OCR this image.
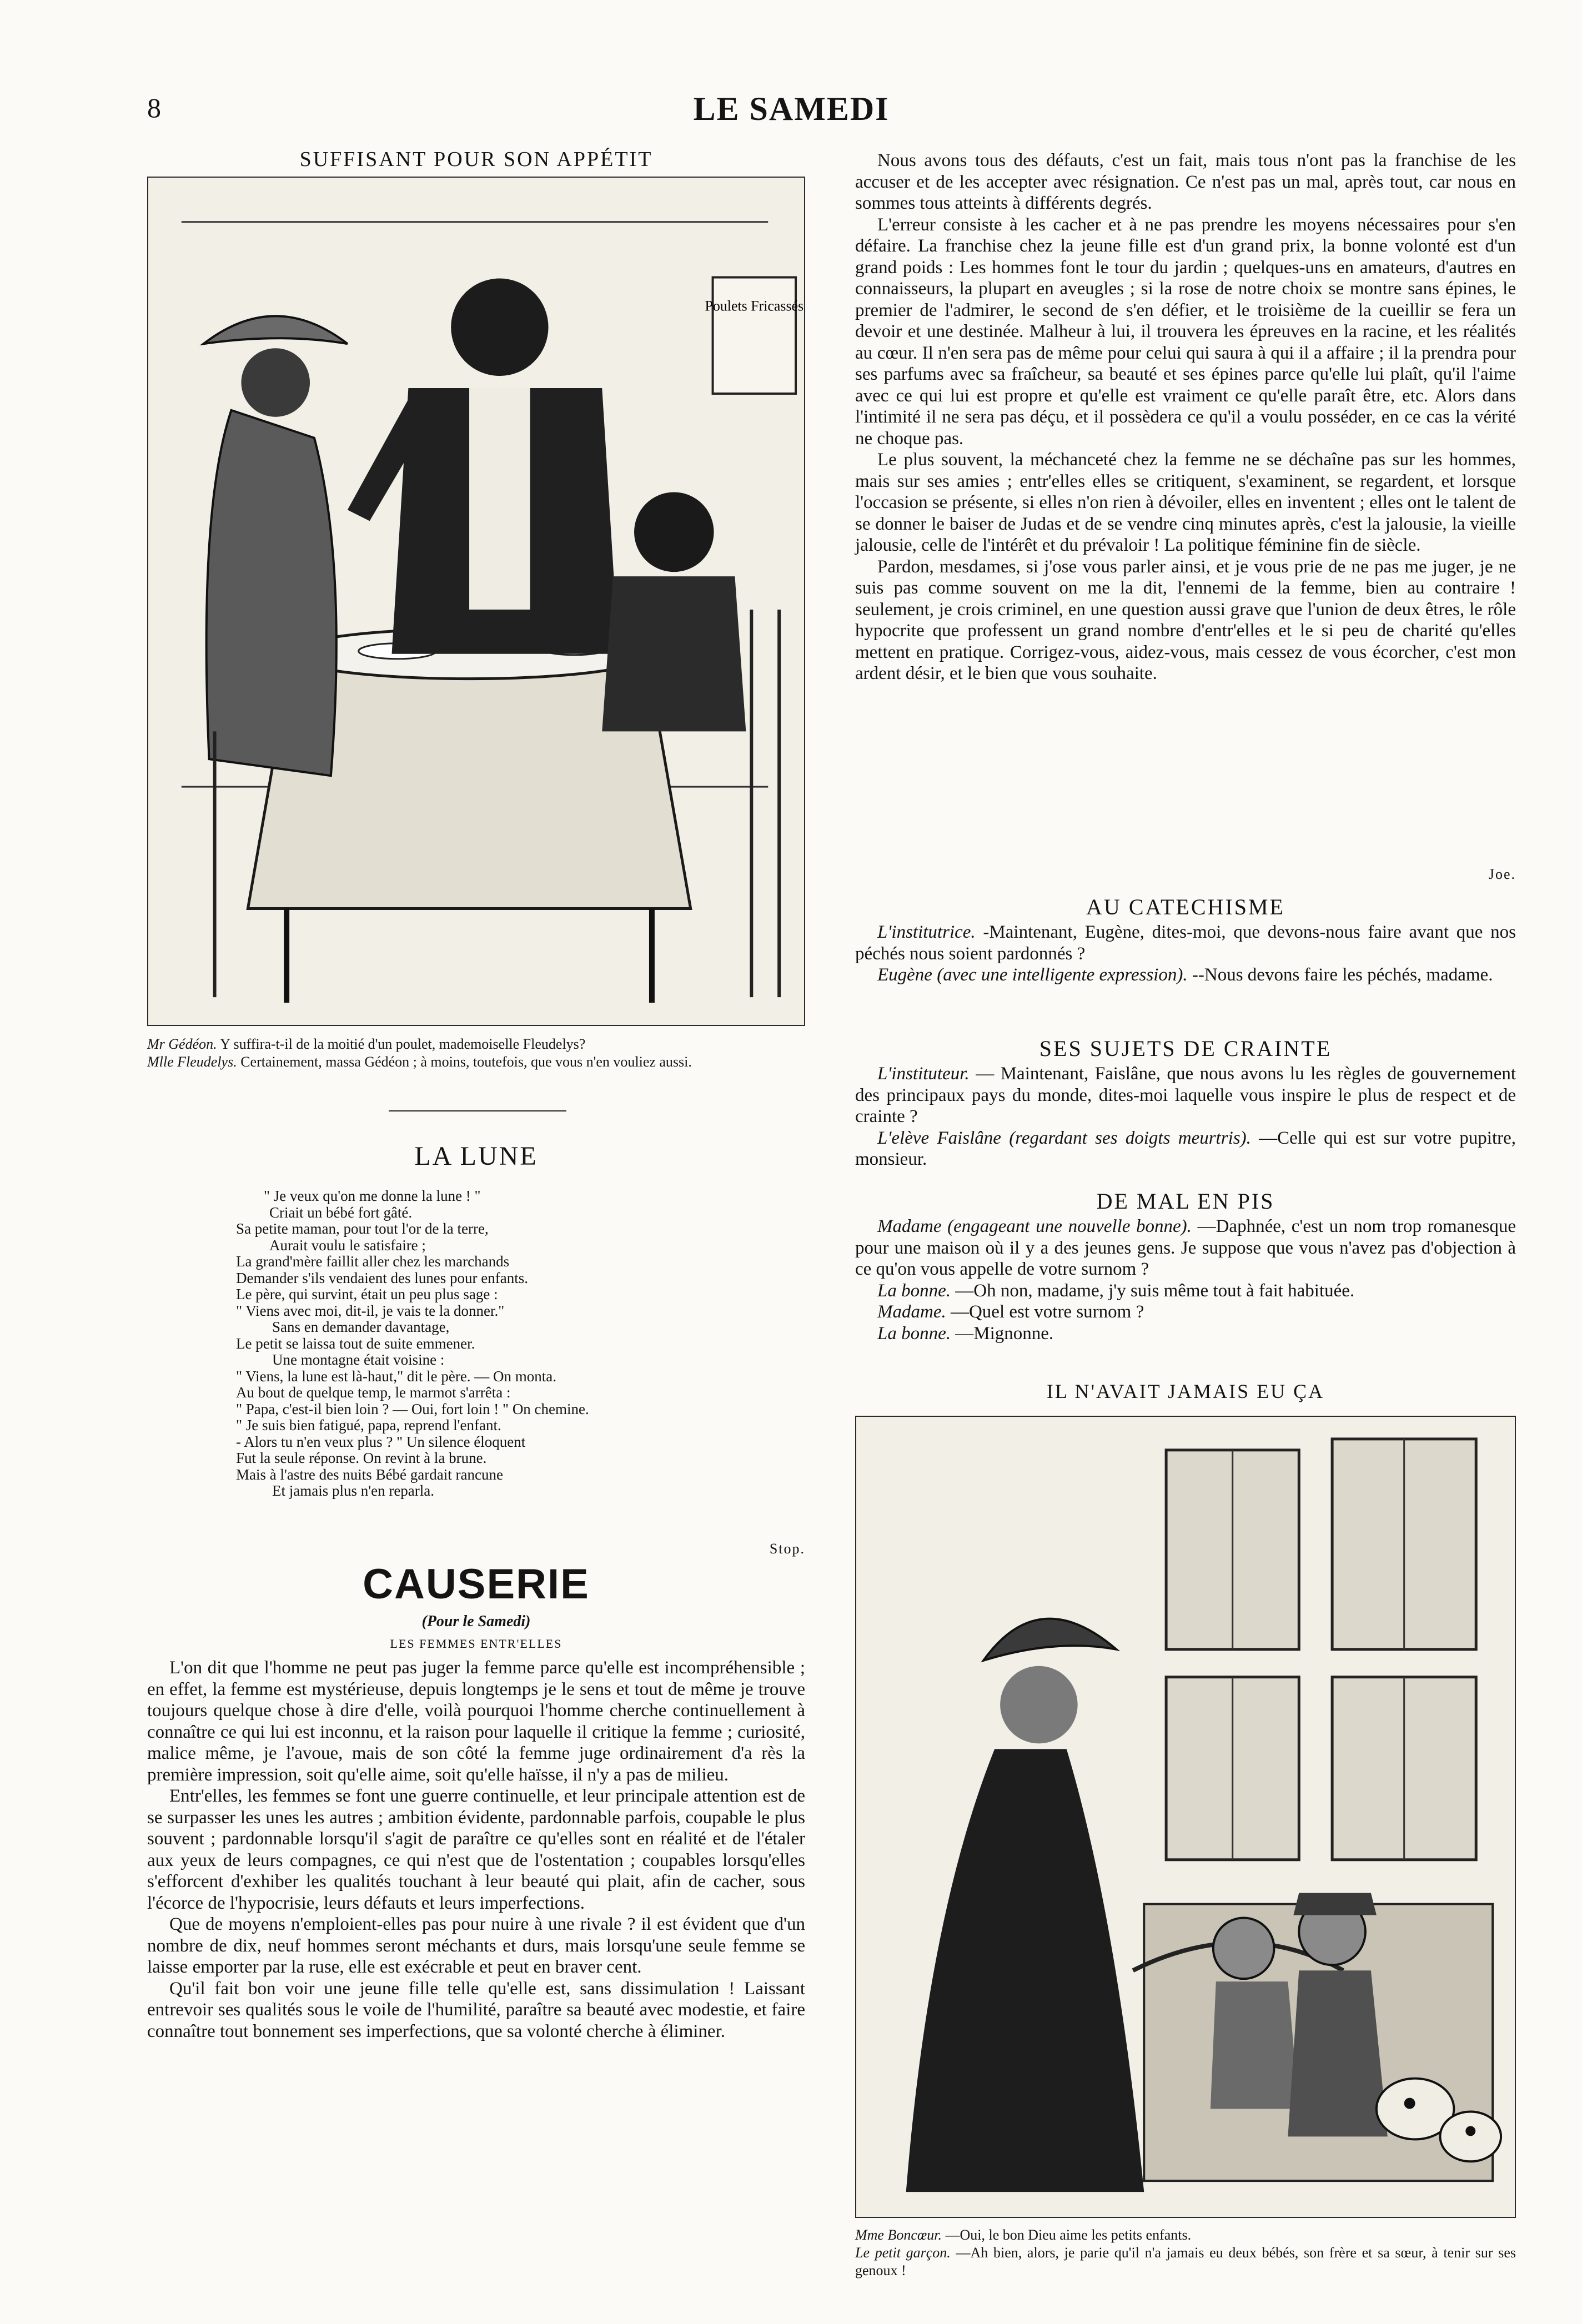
8	LE SAMEDI
SUFFISANT POUR SON APPÉTIT
Poulets Fricassés

Mr Gédéon. Y suffira-t-il de la moitié d'un poulet, mademoiselle Fleudelys?

Mlle Fleudelys. Certainement, massa Gédéon ; à moins, toutefois, que vous n'en vouliez aussi.

LA LUNE
" Je veux qu'on me donne la lune ! "
Criait un bébé fort gâté.
Sa petite maman, pour tout l'or de la terre,
Aurait voulu le satisfaire ;
La grand'mère faillit aller chez les marchands
Demander s'ils vendaient des lunes pour enfants.
Le père, qui survint, était un peu plus sage :
" Viens avec moi, dit-il, je vais te la donner."
Sans en demander davantage,
Le petit se laissa tout de suite emmener.
Une montagne était voisine :
" Viens, la lune est là-haut," dit le père. — On monta.
Au bout de quelque temp, le marmot s'arrêta :
" Papa, c'est-il bien loin ? — Oui, fort loin ! " On chemine.
" Je suis bien fatigué, papa, reprend l'enfant.
- Alors tu n'en veux plus ? " Un silence éloquent
Fut la seule réponse. On revint à la brune.
Mais à l'astre des nuits Bébé gardait rancune
Et jamais plus n'en reparla.
Stop.
CAUSERIE
(Pour le Samedi)
LES FEMMES ENTR'ELLES

L'on dit que l'homme ne peut pas juger la femme parce qu'elle est incompréhensible ; en effet, la femme est mystérieuse, depuis longtemps je le sens et tout de même je trouve toujours quelque chose à dire d'elle, voilà pourquoi l'homme cherche continuellement à connaître ce qui lui est inconnu, et la raison pour laquelle il critique la femme ; curiosité, malice même, je l'avoue, mais de son côté la femme juge ordinairement d'a rès la première impression, soit qu'elle aime, soit qu'elle haïsse, il n'y a pas de milieu.

Entr'elles, les femmes se font une guerre continuelle, et leur principale attention est de se surpasser les unes les autres ; ambition évidente, pardonnable parfois, coupable le plus souvent ; pardonnable lorsqu'il s'agit de paraître ce qu'elles sont en réalité et de l'étaler aux yeux de leurs compagnes, ce qui n'est que de l'ostentation ; coupables lorsqu'elles s'efforcent d'exhiber les qualités touchant à leur beauté qui plait, afin de cacher, sous l'écorce de l'hypocrisie, leurs défauts et leurs imperfections.

Que de moyens n'emploient-elles pas pour nuire à une rivale ? il est évident que d'un nombre de dix, neuf hommes seront méchants et durs, mais lorsqu'une seule femme se laisse emporter par la ruse, elle est exécrable et peut en braver cent.

Qu'il fait bon voir une jeune fille telle qu'elle est, sans dissimulation ! Laissant entrevoir ses qualités sous le voile de l'humilité, paraître sa beauté avec modestie, et faire connaître tout bonnement ses imperfections, que sa volonté cherche à éliminer.

Nous avons tous des défauts, c'est un fait, mais tous n'ont pas la franchise de les accuser et de les accepter avec résignation. Ce n'est pas un mal, après tout, car nous en sommes tous atteints à différents degrés.

L'erreur consiste à les cacher et à ne pas prendre les moyens nécessaires pour s'en défaire. La franchise chez la jeune fille est d'un grand prix, la bonne volonté est d'un grand poids : Les hommes font le tour du jardin ; quelques-uns en amateurs, d'autres en connaisseurs, la plupart en aveugles ; si la rose de notre choix se montre sans épines, le premier de l'admirer, le second de s'en défier, et le troisième de la cueillir se fera un devoir et une destinée. Malheur à lui, il trouvera les épreuves en la racine, et les réalités au cœur. Il n'en sera pas de même pour celui qui saura à qui il a affaire ; il la prendra pour ses parfums avec sa fraîcheur, sa beauté et ses épines parce qu'elle lui plaît, qu'il l'aime avec ce qui lui est propre et qu'elle est vraiment ce qu'elle paraît être, etc. Alors dans l'intimité il ne sera pas déçu, et il possèdera ce qu'il a voulu posséder, en ce cas la vérité ne choque pas.

Le plus souvent, la méchanceté chez la femme ne se déchaîne pas sur les hommes, mais sur ses amies ; entr'elles elles se critiquent, s'examinent, se regardent, et lorsque l'occasion se présente, si elles n'on rien à dévoiler, elles en inventent ; elles ont le talent de se donner le baiser de Judas et de se vendre cinq minutes après, c'est la jalousie, la vieille jalousie, celle de l'intérêt et du prévaloir ! La politique féminine fin de siècle.

Pardon, mesdames, si j'ose vous parler ainsi, et je vous prie de ne pas me juger, je ne suis pas comme souvent on me la dit, l'ennemi de la femme, bien au contraire ! seulement, je crois criminel, en une question aussi grave que l'union de deux êtres, le rôle hypocrite que professent un grand nombre d'entr'elles et le si peu de charité qu'elles mettent en pratique. Corrigez-vous, aidez-vous, mais cessez de vous écorcher, c'est mon ardent désir, et le bien que vous souhaite.

Joe.
AU CATECHISME

L'institutrice. -Maintenant, Eugène, dites-moi, que devons-nous faire avant que nos péchés nous soient pardonnés ?

Eugène (avec une intelligente expression). --Nous devons faire les péchés, madame.

SES SUJETS DE CRAINTE

L'instituteur. — Maintenant, Faislâne, que nous avons lu les règles de gouvernement des principaux pays du monde, dites-moi laquelle vous inspire le plus de respect et de crainte ?

L'elève Faislâne (regardant ses doigts meurtris). —Celle qui est sur votre pupitre, monsieur.

DE MAL EN PIS

Madame (engageant une nouvelle bonne). —Daphnée, c'est un nom trop romanesque pour une maison où il y a des jeunes gens. Je suppose que vous n'avez pas d'objection à ce qu'on vous appelle de votre surnom ?

La bonne. —Oh non, madame, j'y suis même tout à fait habituée.

Madame. —Quel est votre surnom ?

La bonne. —Mignonne.

IL N'AVAIT JAMAIS EU ÇA

Mme Boncœur. —Oui, le bon Dieu aime les petits enfants.

Le petit garçon. —Ah bien, alors, je parie qu'il n'a jamais eu deux bébés, son frère et sa sœur, à tenir sur ses genoux !
